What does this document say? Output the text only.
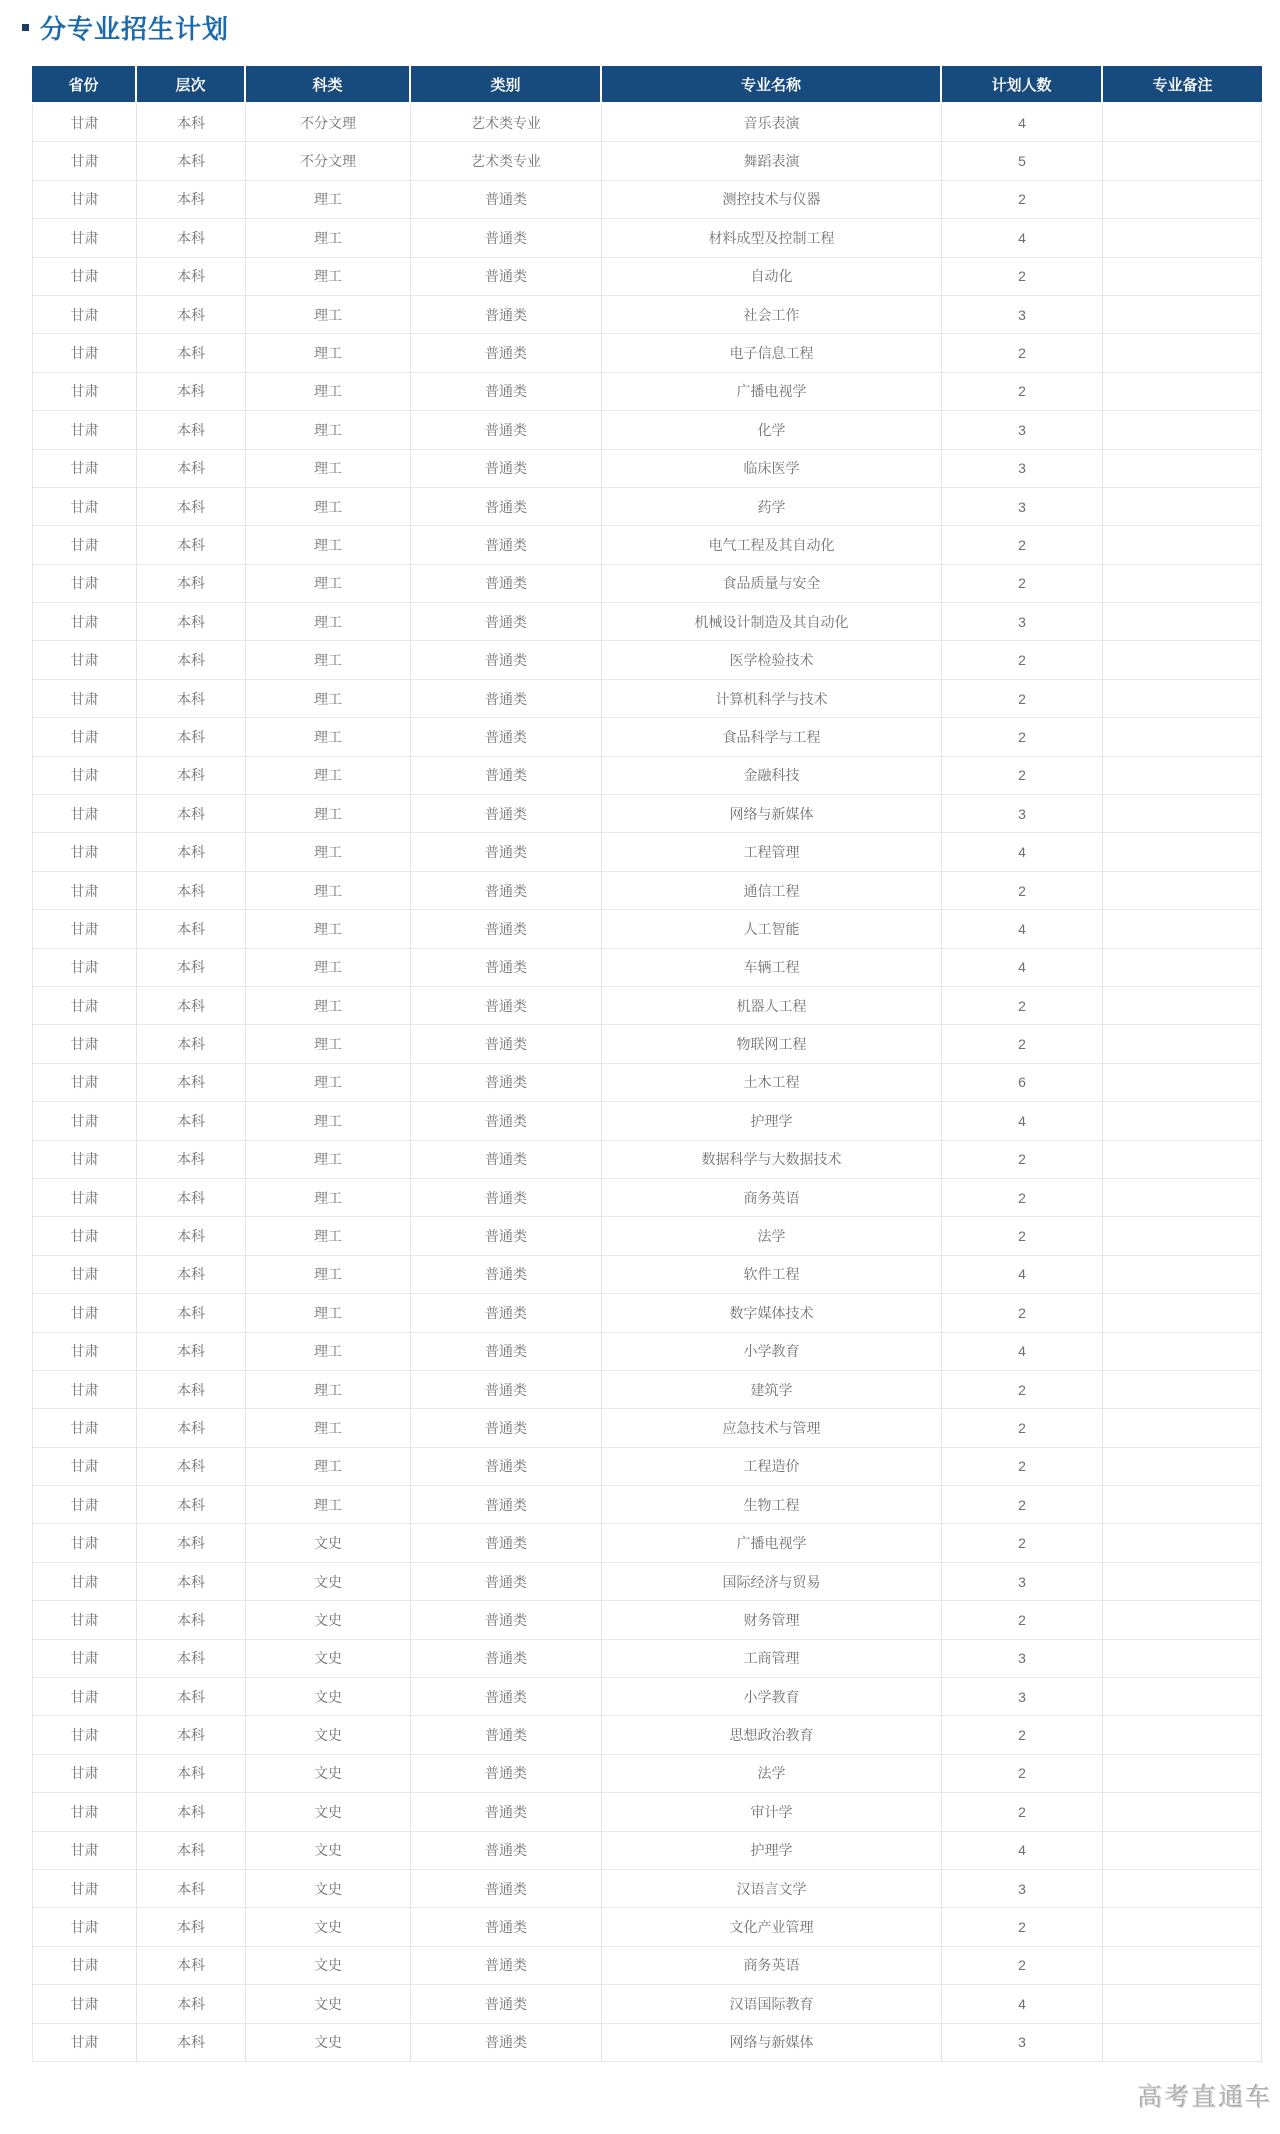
分专业招生计划
省份	层次	科类	类别	专业名称	计划人数	专业备注
甘肃	本科	不分文理	艺术类专业	音乐表演	4	
甘肃	本科	不分文理	艺术类专业	舞蹈表演	5	
甘肃	本科	理工	普通类	测控技术与仪器	2	
甘肃	本科	理工	普通类	材料成型及控制工程	4	
甘肃	本科	理工	普通类	自动化	2	
甘肃	本科	理工	普通类	社会工作	3	
甘肃	本科	理工	普通类	电子信息工程	2	
甘肃	本科	理工	普通类	广播电视学	2	
甘肃	本科	理工	普通类	化学	3	
甘肃	本科	理工	普通类	临床医学	3	
甘肃	本科	理工	普通类	药学	3	
甘肃	本科	理工	普通类	电气工程及其自动化	2	
甘肃	本科	理工	普通类	食品质量与安全	2	
甘肃	本科	理工	普通类	机械设计制造及其自动化	3	
甘肃	本科	理工	普通类	医学检验技术	2	
甘肃	本科	理工	普通类	计算机科学与技术	2	
甘肃	本科	理工	普通类	食品科学与工程	2	
甘肃	本科	理工	普通类	金融科技	2	
甘肃	本科	理工	普通类	网络与新媒体	3	
甘肃	本科	理工	普通类	工程管理	4	
甘肃	本科	理工	普通类	通信工程	2	
甘肃	本科	理工	普通类	人工智能	4	
甘肃	本科	理工	普通类	车辆工程	4	
甘肃	本科	理工	普通类	机器人工程	2	
甘肃	本科	理工	普通类	物联网工程	2	
甘肃	本科	理工	普通类	土木工程	6	
甘肃	本科	理工	普通类	护理学	4	
甘肃	本科	理工	普通类	数据科学与大数据技术	2	
甘肃	本科	理工	普通类	商务英语	2	
甘肃	本科	理工	普通类	法学	2	
甘肃	本科	理工	普通类	软件工程	4	
甘肃	本科	理工	普通类	数字媒体技术	2	
甘肃	本科	理工	普通类	小学教育	4	
甘肃	本科	理工	普通类	建筑学	2	
甘肃	本科	理工	普通类	应急技术与管理	2	
甘肃	本科	理工	普通类	工程造价	2	
甘肃	本科	理工	普通类	生物工程	2	
甘肃	本科	文史	普通类	广播电视学	2	
甘肃	本科	文史	普通类	国际经济与贸易	3	
甘肃	本科	文史	普通类	财务管理	2	
甘肃	本科	文史	普通类	工商管理	3	
甘肃	本科	文史	普通类	小学教育	3	
甘肃	本科	文史	普通类	思想政治教育	2	
甘肃	本科	文史	普通类	法学	2	
甘肃	本科	文史	普通类	审计学	2	
甘肃	本科	文史	普通类	护理学	4	
甘肃	本科	文史	普通类	汉语言文学	3	
甘肃	本科	文史	普通类	文化产业管理	2	
甘肃	本科	文史	普通类	商务英语	2	
甘肃	本科	文史	普通类	汉语国际教育	4	
甘肃	本科	文史	普通类	网络与新媒体	3	
高考直通车
